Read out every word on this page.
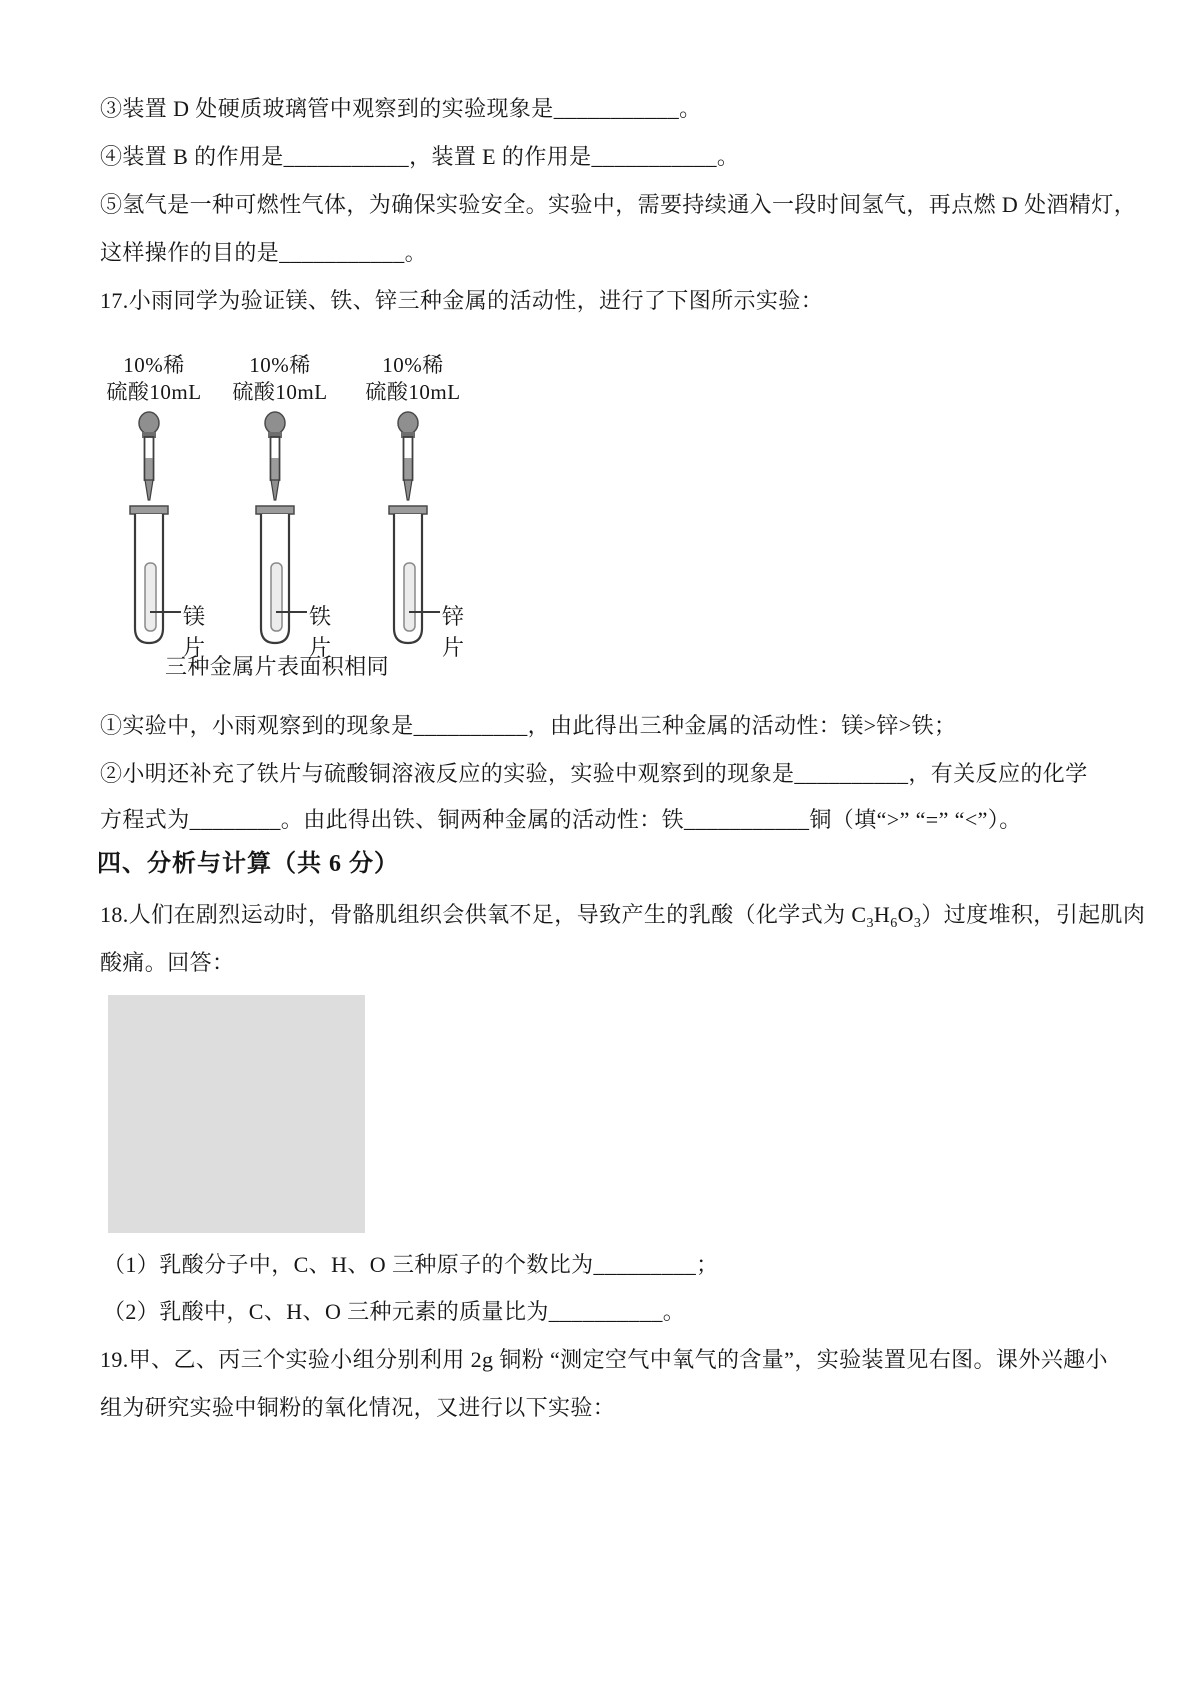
③装置 D 处硬质玻璃管中观察到的实验现象是___________。

④装置 B 的作用是___________，装置 E 的作用是___________。

⑤氢气是一种可燃性气体，为确保实验安全。实验中，需要持续通入一段时间氢气，再点燃 D 处酒精灯，

这样操作的目的是___________。

17.小雨同学为验证镁、铁、锌三种金属的活动性，进行了下图所示实验：

10%稀
硫酸10mL
镁片
10%稀
硫酸10mL
铁片
10%稀
硫酸10mL
锌片

三种金属片表面积相同

①实验中，小雨观察到的现象是__________，由此得出三种金属的活动性：镁>锌>铁；

②小明还补充了铁片与硫酸铜溶液反应的实验，实验中观察到的现象是__________，有关反应的化学

方程式为________。由此得出铁、铜两种金属的活动性：铁___________铜（填“>” “=” “<”）。

四、分析与计算（共 6 分）

18.人们在剧烈运动时，骨骼肌组织会供氧不足，导致产生的乳酸（化学式为 $C_3H_6O_3$）过度堆积，引起肌肉

酸痛。回答：

（1）乳酸分子中，C、H、O 三种原子的个数比为_________；

（2）乳酸中，C、H、O 三种元素的质量比为__________。

19.甲、乙、丙三个实验小组分别利用 2g 铜粉 “测定空气中氧气的含量”，实验装置见右图。课外兴趣小

组为研究实验中铜粉的氧化情况，又进行以下实验：
